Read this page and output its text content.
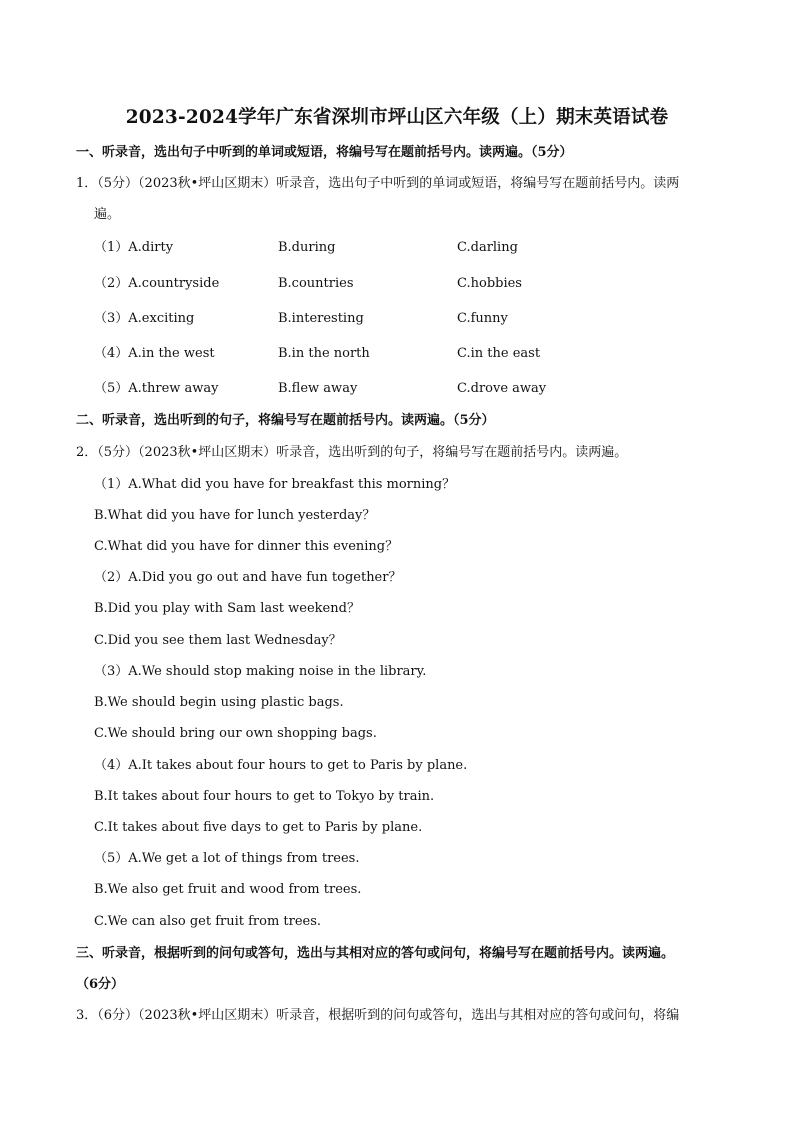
2023-2024学年广东省深圳市坪山区六年级（上）期末英语试卷
一、听录音，选出句子中听到的单词或短语，将编号写在题前括号内。读两遍。（5分）
1．（5分）（2023秋•坪山区期末）听录音，选出句子中听到的单词或短语，将编号写在题前括号内。读两
遍。
（1）A.dirty	B.during	C.darling
（2）A.countryside	B.countries	C.hobbies
（3）A.exciting	B.interesting	C.funny
（4）A.in the west	B.in the north	C.in the east
（5）A.threw away	B.flew away	C.drove away
二、听录音，选出听到的句子，将编号写在题前括号内。读两遍。（5分）
2．（5分）（2023秋•坪山区期末）听录音，选出听到的句子，将编号写在题前括号内。读两遍。
（1）A.What did you have for breakfast this morning？
B.What did you have for lunch yesterday？
C.What did you have for dinner this evening？
（2）A.Did you go out and have fun together？
B.Did you play with Sam last weekend？
C.Did you see them last Wednesday？
（3）A.We should stop making noise in the library.
B.We should begin using plastic bags.
C.We should bring our own shopping bags.
（4）A.It takes about four hours to get to Paris by plane.
B.It takes about four hours to get to Tokyo by train.
C.It takes about five days to get to Paris by plane.
（5）A.We get a lot of things from trees.
B.We also get fruit and wood from trees.
C.We can also get fruit from trees.
三、听录音，根据听到的问句或答句，选出与其相对应的答句或问句，将编号写在题前括号内。读两遍。
（6分）
3．（6分）（2023秋•坪山区期末）听录音，根据听到的问句或答句，选出与其相对应的答句或问句，将编
